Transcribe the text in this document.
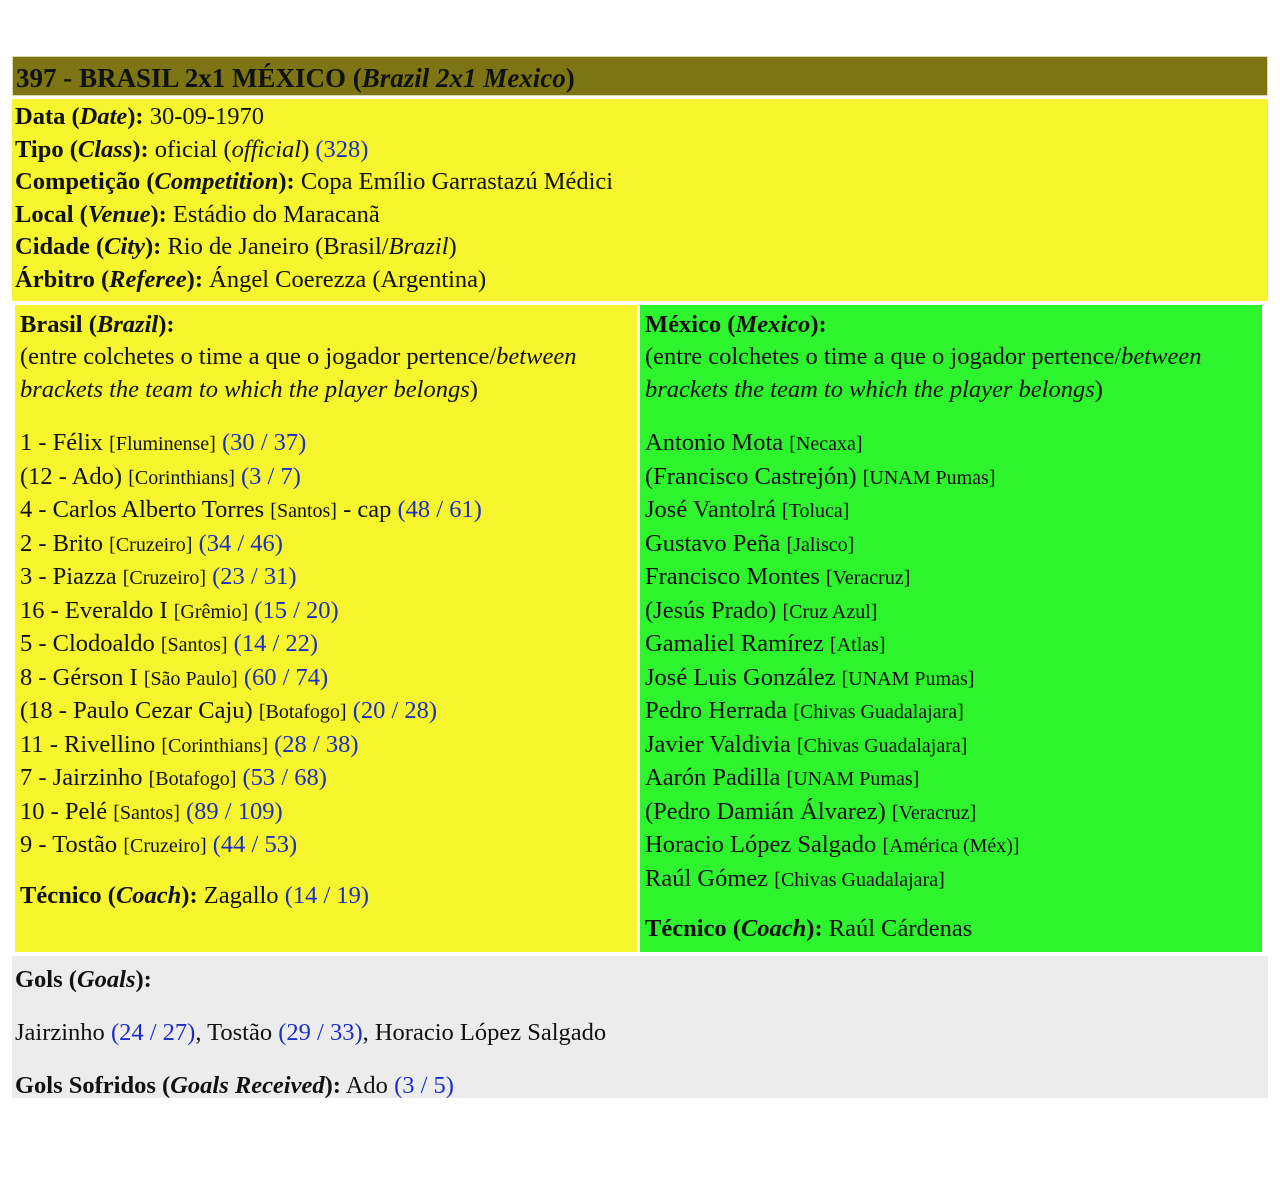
397 - BRASIL 2x1 MÉXICO (Brazil 2x1 Mexico)
Data (Date): 30-09-1970
Tipo (Class): oficial (official) (328)
Competição (Competition): Copa Emílio Garrastazú Médici
Local (Venue): Estádio do Maracanã
Cidade (City): Rio de Janeiro (Brasil/Brazil)
Árbitro (Referee): Ángel Coerezza (Argentina)
Brasil (Brazil):
(entre colchetes o time a que o jogador pertence/between brackets the team to which the player belongs)
1 - Félix [Fluminense] (30 / 37)
(12 - Ado) [Corinthians] (3 / 7)
4 - Carlos Alberto Torres [Santos] - cap (48 / 61)
2 - Brito [Cruzeiro] (34 / 46)
3 - Piazza [Cruzeiro] (23 / 31)
16 - Everaldo I [Grêmio] (15 / 20)
5 - Clodoaldo [Santos] (14 / 22)
8 - Gérson I [São Paulo] (60 / 74)
(18 - Paulo Cezar Caju) [Botafogo] (20 / 28)
11 - Rivellino [Corinthians] (28 / 38)
7 - Jairzinho [Botafogo] (53 / 68)
10 - Pelé [Santos] (89 / 109)
9 - Tostão [Cruzeiro] (44 / 53)
Técnico (Coach): Zagallo (14 / 19)
México (Mexico):
(entre colchetes o time a que o jogador pertence/between brackets the team to which the player belongs)
Antonio Mota [Necaxa]
(Francisco Castrejón) [UNAM Pumas]
José Vantolrá [Toluca]
Gustavo Peña [Jalisco]
Francisco Montes [Veracruz]
(Jesús Prado) [Cruz Azul]
Gamaliel Ramírez [Atlas]
José Luis González [UNAM Pumas]
Pedro Herrada [Chivas Guadalajara]
Javier Valdivia [Chivas Guadalajara]
Aarón Padilla [UNAM Pumas]
(Pedro Damián Álvarez) [Veracruz]
Horacio López Salgado [América (Méx)]
Raúl Gómez [Chivas Guadalajara]
Técnico (Coach): Raúl Cárdenas
Gols (Goals):
Jairzinho (24 / 27), Tostão (29 / 33), Horacio López Salgado
Gols Sofridos (Goals Received): Ado (3 / 5)
